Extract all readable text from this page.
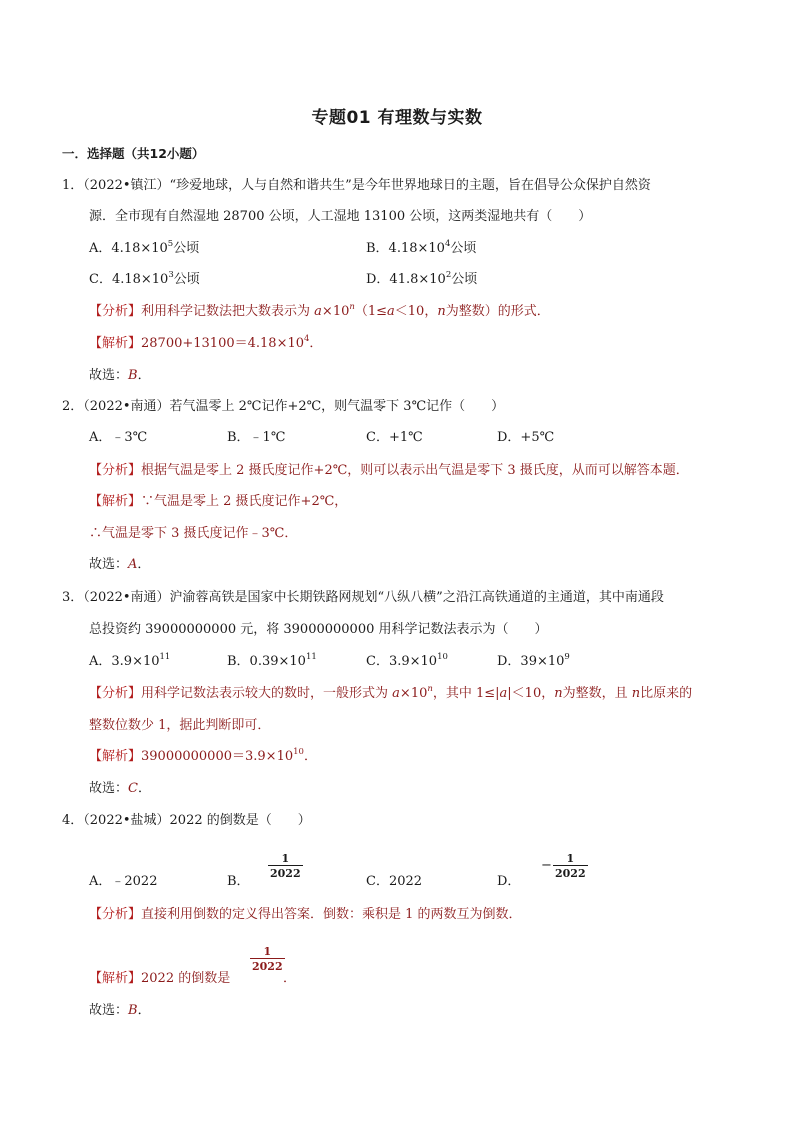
专题01 有理数与实数
一．选择题（共12小题）
1．（2022•镇江）“珍爱地球，人与自然和谐共生”是今年世界地球日的主题，旨在倡导公众保护自然资
源．全市现有自然湿地 28700 公顷，人工湿地 13100 公顷，这两类湿地共有（　　）
A．$4.18\times 10^5$公顷	B．$4.18\times 10^4$公顷
C．$4.18\times 10^3$公顷	D．$41.8\times 10^2$公顷
【分析】利用科学记数法把大数表示为 $a\times 10^n(1\le a<10$，n为整数）的形式．
【解析】$28700+13100=4.18\times 10^4$．
故选：B．
2．（2022•南通）若气温零上 2℃记作+2℃，则气温零下 3℃记作（　　）
A．﹣3℃	B．﹣1℃	C．+1℃	D．+5℃
【分析】根据气温是零上 2 摄氏度记作+2℃，则可以表示出气温是零下 3 摄氏度，从而可以解答本题．
【解析】∵气温是零上 2 摄氏度记作+2℃，
∴气温是零下 3 摄氏度记作﹣3℃．
故选：A．
3．（2022•南通）沪渝蓉高铁是国家中长期铁路网规划“八纵八横”之沿江高铁通道的主通道，其中南通段
总投资约 39000000000 元，将 39000000000 用科学记数法表示为（　　）
A．$3.9\times 10^{11}$	B．$0.39\times 10^{11}$	C．$3.9\times 10^{10}$	D．$39\times 10^9$
【分析】用科学记数法表示较大的数时，一般形式为 $a\times 10^n$，其中 1≤|a|＜10，n为整数，且 n比原来的
整数位数少 1，据此判断即可．
【解析】$39000000000=3.9\times 10^{10}$．
故选：C．
4．（2022•盐城）2022 的倒数是（　　）
A．﹣2022	B．
$\frac{1}{2022}$
C．2022	D．
− $\frac{1}{2022}$
【分析】直接利用倒数的定义得出答案．倒数：乘积是 1 的两数互为倒数．
【解析】2022 的倒数是
$\frac{1}{2022}$
．
故选：B．
